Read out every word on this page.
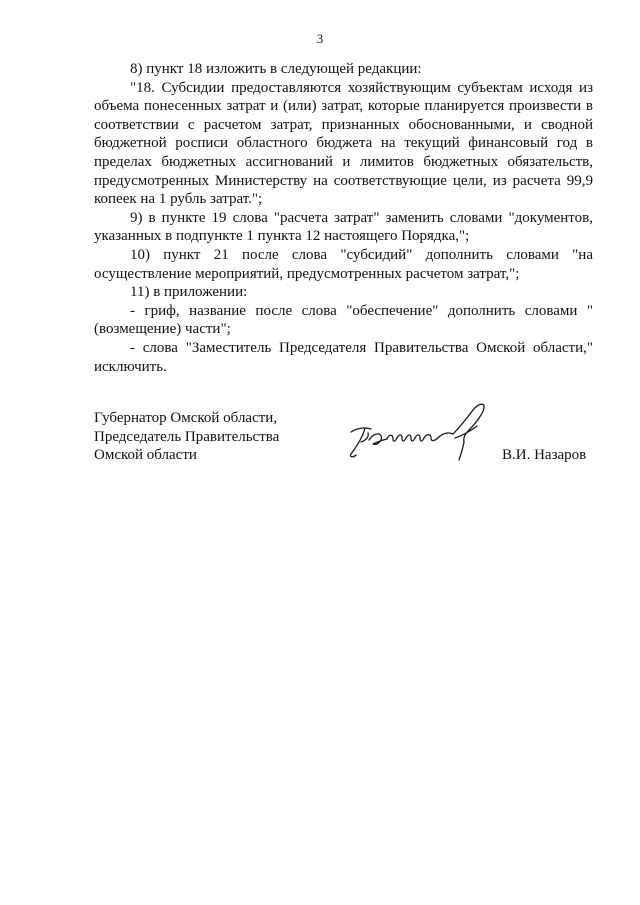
3

8) пункт 18 изложить в следующей редакции:

"18. Субсидии предоставляются хозяйствующим субъектам исходя из объема понесенных затрат и (или) затрат, которые планируется произвести в соответствии с расчетом затрат, признанных обоснованными, и сводной бюджетной росписи областного бюджета на текущий финансовый год в пределах бюджетных ассигнований и лимитов бюджетных обязательств, предусмотренных Министерству на соответствующие цели, из расчета 99,9 копеек на 1 рубль затрат.";

9) в пункте 19 слова "расчета затрат" заменить словами "документов, указанных в подпункте 1 пункта 12 настоящего Порядка,";

10) пункт 21 после слова "субсидий" дополнить словами "на осуществление мероприятий, предусмотренных расчетом затрат,";

11) в приложении:

- гриф, название после слова "обеспечение" дополнить словами "(возмещение) части";

- слова "Заместитель Председателя Правительства Омской области," исключить.

Губернатор Омской области,
Председатель Правительства
Омской области	В.И. Назаров
